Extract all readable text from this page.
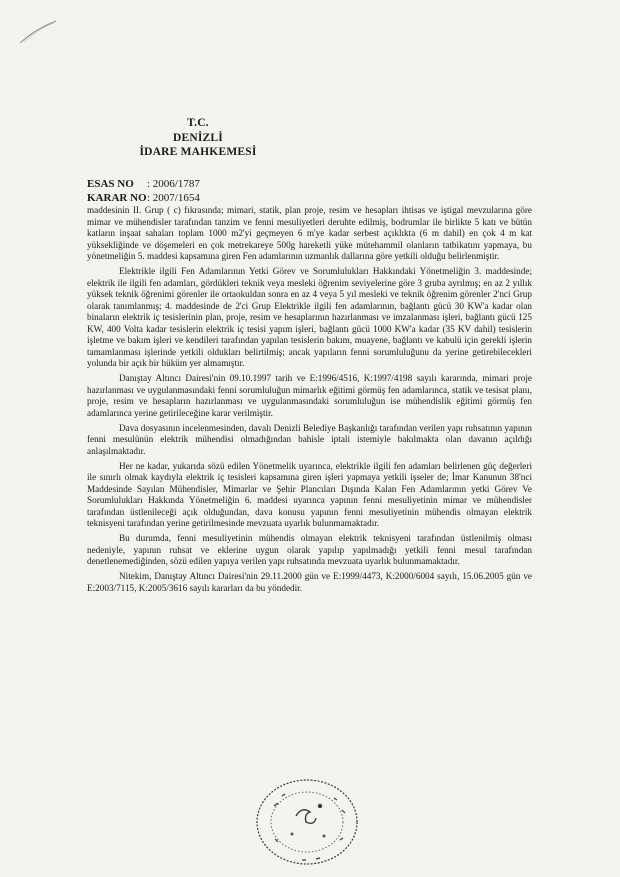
T.C.
DENİZLİ
İDARE MAHKEMESİ
ESAS NO : 2006/1787
KARAR NO: 2007/1654

maddesinin II. Grup ( c) fıkrasında; mimari, statik, plan proje, resim ve hesapları ihtisas ve iştigal mevzularına göre mimar ve mühendisler tarafından tanzim ve fenni mesuliyetleri deruhte edilmiş, bodrumlar ile birlikte 5 katı ve bütün katların inşaat sahaları toplam 1000 m2'yi geçmeyen 6 m'ye kadar serbest açıklıkta (6 m dahil) en çok 4 m kat yüksekliğinde ve döşemeleri en çok metrekareye 500g hareketli yüke mütehammil olanların tatbikatını yapmaya, bu yönetmeliğin 5. maddesi kapsamına giren Fen adamlarının uzmanlık dallarına göre yetkili olduğu belirlenmiştir.

Elektrikle ilgili Fen Adamlarının Yetki Görev ve Sorumlulukları Hakkındaki Yönetmeliğin 3. maddesinde; elektrik ile ilgili fen adamları, gördükleri teknik veya mesleki öğrenim seviyelerine göre 3 gruba ayrılmış; en az 2 yıllık yüksek teknik öğrenimi görenler ile ortaokuldan sonra en az 4 veya 5 yıl mesleki ve teknik öğrenim görenler 2'nci Grup olarak tanımlanmış; 4. maddesinde de 2'ci Grup Elektrikle ilgili fen adamlarının, bağlantı gücü 30 KW'a kadar olan binaların elektrik iç tesislerinin plan, proje, resim ve hesaplarının hazırlanması ve imzalanması işleri, bağlantı gücü 125 KW, 400 Volta kadar tesislerin elektrik iç tesisi yapım işleri, bağlantı gücü 1000 KW'a kadar (35 KV dahil) tesislerin işletme ve bakım işleri ve kendileri tarafından yapılan tesislerin bakım, muayene, bağlantı ve kabulü için gerekli işlerin tamamlanması işlerinde yetkili oldukları belirtilmiş; ancak yapıların fenni sorumluluğunu da yerine getirebilecekleri yolunda bir açık bir hüküm yer almamıştır.

Danıştay Altıncı Dairesi'nin 09.10.1997 tarih ve E:1996/4516, K:1997/4198 sayılı kararında, mimari proje hazırlanması ve uygulanmasındaki fenni sorumluluğun mimarlık eğitimi görmüş fen adamlarınca, statik ve tesisat planı, proje, resim ve hesapların hazırlanması ve uygulanmasındaki sorumluluğun ise mühendislik eğitimi görmüş fen adamlarınca yerine getirileceğine karar verilmiştir.

Dava dosyasının incelenmesinden, davalı Denizli Belediye Başkanlığı tarafından verilen yapı ruhsatının yapının fenni mesulünün elektrik mühendisi olmadığından bahisle iptali istemiyle bakılmakta olan davanın açıldığı anlaşılmaktadır.

Her ne kadar, yukarıda sözü edilen Yönetmelik uyarınca, elektrikle ilgili fen adamları belirlenen güç değerleri ile sınırlı olmak kaydıyla elektrik iç tesisleri kapsamına giren işleri yapmaya yetkili işseler de; İmar Kanunun 38'nci Maddesinde Sayılan Mühendisler, Mimarlar ve Şehir Plancıları Dışında Kalan Fen Adamlarının yetki Görev Ve Sorumlulukları Hakkında Yönetmeliğin 6. maddesi uyarınca yapının fenni mesuliyetinin mimar ve mühendisler tarafından üstlenileceği açık olduğundan, dava konusu yapının fenni mesuliyetinin mühendis olmayan elektrik teknisyeni tarafından yerine getirilmesinde mevzuata uyarlık bulunmamaktadır.

Bu durumda, fenni mesuliyetinin mühendis olmayan elektrik teknisyeni tarafından üstlenilmiş olması nedeniyle, yapının ruhsat ve eklerine uygun olarak yapılıp yapılmadığı yetkili fenni mesul tarafından denetlenemediğinden, sözü edilen yapıya verilen yapı ruhsatında mevzuata uyarlık bulunmamaktadır.

Nitekim, Danıştay Altıncı Dairesi'nin 29.11.2000 gün ve E:1999/4473, K:2000/6004 sayılı, 15.06.2005 gün ve E:2003/7115, K:2005/3616 sayılı kararları da bu yöndedir.
